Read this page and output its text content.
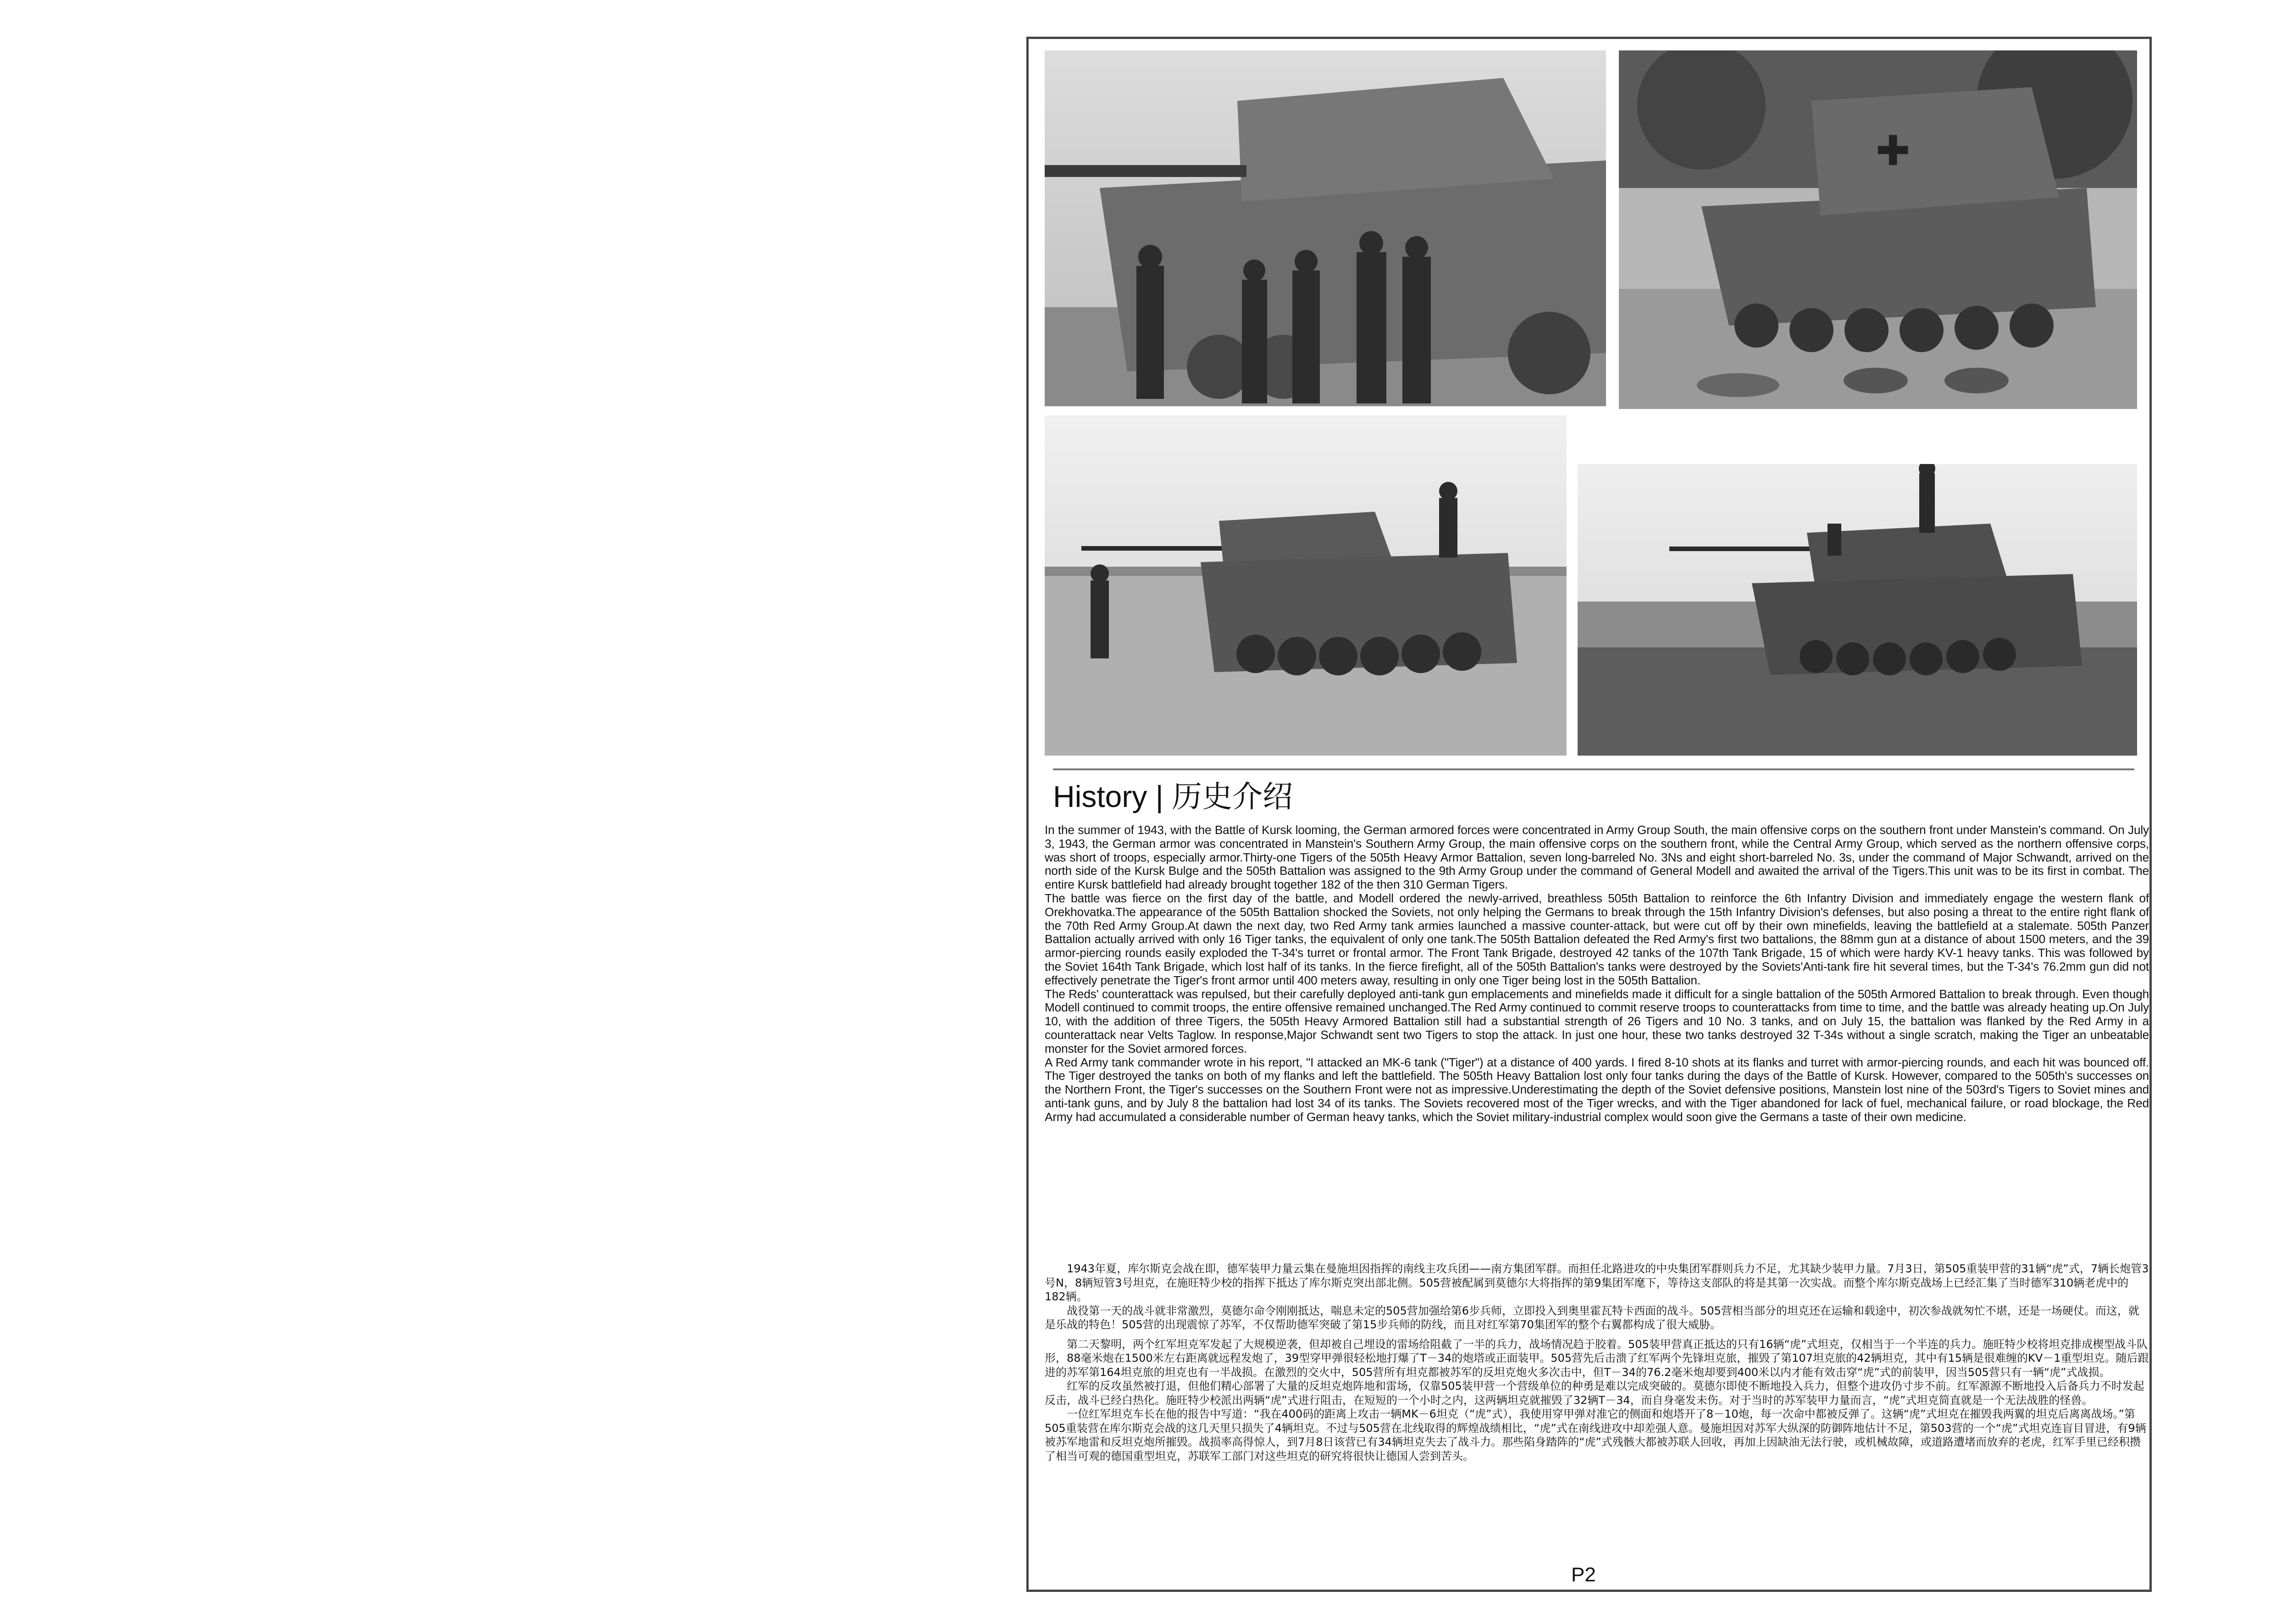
✚
History | 历史介绍

In the summer of 1943, with the Battle of Kursk looming, the German armored forces were concentrated in Army Group South, the main offensive corps on the southern front under Manstein's command. On July 3, 1943, the German armor was concentrated in Manstein's Southern Army Group, the main offensive corps on the southern front, while the Central Army Group, which served as the northern offensive corps, was short of troops, especially armor.Thirty-one Tigers of the 505th Heavy Armor Battalion, seven long-barreled No. 3Ns and eight short-barreled No. 3s, under the command of Major Schwandt, arrived on the north side of the Kursk Bulge and the 505th Battalion was assigned to the 9th Army Group under the command of General Modell and awaited the arrival of the Tigers.This unit was to be its first in combat. The entire Kursk battlefield had already brought together 182 of the then 310 German Tigers.

The battle was fierce on the first day of the battle, and Modell ordered the newly-arrived, breathless 505th Battalion to reinforce the 6th Infantry Division and immediately engage the western flank of Orekhovatka.The appearance of the 505th Battalion shocked the Soviets, not only helping the Germans to break through the 15th Infantry Division's defenses, but also posing a threat to the entire right flank of the 70th Red Army Group.At dawn the next day, two Red Army tank armies launched a massive counter-attack, but were cut off by their own minefields, leaving the battlefield at a stalemate. 505th Panzer Battalion actually arrived with only 16 Tiger tanks, the equivalent of only one tank.The 505th Battalion defeated the Red Army's first two battalions, the 88mm gun at a distance of about 1500 meters, and the 39 armor-piercing rounds easily exploded the T-34's turret or frontal armor. The Front Tank Brigade, destroyed 42 tanks of the 107th Tank Brigade, 15 of which were hardy KV-1 heavy tanks. This was followed by the Soviet 164th Tank Brigade, which lost half of its tanks. In the fierce firefight, all of the 505th Battalion's tanks were destroyed by the Soviets'Anti-tank fire hit several times, but the T-34's 76.2mm gun did not effectively penetrate the Tiger's front armor until 400 meters away, resulting in only one Tiger being lost in the 505th Battalion.

The Reds' counterattack was repulsed, but their carefully deployed anti-tank gun emplacements and minefields made it difficult for a single battalion of the 505th Armored Battalion to break through. Even though Modell continued to commit troops, the entire offensive remained unchanged.The Red Army continued to commit reserve troops to counterattacks from time to time, and the battle was already heating up.On July 10, with the addition of three Tigers, the 505th Heavy Armored Battalion still had a substantial strength of 26 Tigers and 10 No. 3 tanks, and on July 15, the battalion was flanked by the Red Army in a counterattack near Velts Taglow. In response,Major Schwandt sent two Tigers to stop the attack. In just one hour, these two tanks destroyed 32 T-34s without a single scratch, making the Tiger an unbeatable monster for the Soviet armored forces.

A Red Army tank commander wrote in his report, "I attacked an MK-6 tank ("Tiger") at a distance of 400 yards. I fired 8-10 shots at its flanks and turret with armor-piercing rounds, and each hit was bounced off. The Tiger destroyed the tanks on both of my flanks and left the battlefield. The 505th Heavy Battalion lost only four tanks during the days of the Battle of Kursk. However, compared to the 505th's successes on the Northern Front, the Tiger's successes on the Southern Front were not as impressive.Underestimating the depth of the Soviet defensive positions, Manstein lost nine of the 503rd's Tigers to Soviet mines and anti-tank guns, and by July 8 the battalion had lost 34 of its tanks. The Soviets recovered most of the Tiger wrecks, and with the Tiger abandoned for lack of fuel, mechanical failure, or road blockage, the Red Army had accumulated a considerable number of German heavy tanks, which the Soviet military-industrial complex would soon give the Germans a taste of their own medicine.

　　1943年夏，库尔斯克会战在即，德军装甲力量云集在曼施坦因指挥的南线主攻兵团——南方集团军群。而担任北路进攻的中央集团军群则兵力不足，尤其缺少装甲力量。7月3日，第505重装甲营的31辆“虎”式，7辆长炮管3号N，8辆短管3号坦克，在施旺特少校的指挥下抵达了库尔斯克突出部北侧。505营被配属到莫德尔大将指挥的第9集团军麾下，等待这支部队的将是其第一次实战。而整个库尔斯克战场上已经汇集了当时德军310辆老虎中的182辆。

　　战役第一天的战斗就非常激烈，莫德尔命令刚刚抵达，喘息未定的505营加强给第6步兵师，立即投入到奥里霍瓦特卡西面的战斗。505营相当部分的坦克还在运输和载途中，初次参战就匆忙不堪，还是一场硬仗。而这，就是乐战的特色！505营的出现震惊了苏军，不仅帮助德军突破了第15步兵师的防线，而且对红军第70集团军的整个右翼都构成了很大威胁。

　　第二天黎明，两个红军坦克军发起了大规模逆袭，但却被自己埋设的雷场给阻截了一半的兵力，战场情况趋于胶着。505装甲营真正抵达的只有16辆“虎”式坦克，仅相当于一个半连的兵力。施旺特少校将坦克排成楔型战斗队形，88毫米炮在1500米左右距离就远程发炮了，39型穿甲弹很轻松地打爆了T－34的炮塔或正面装甲。505营先后击溃了红军两个先锋坦克旅，摧毁了第107坦克旅的42辆坦克，其中有15辆是很难缠的KV－1重型坦克。随后跟进的苏军第164坦克旅的坦克也有一半战损。在激烈的交火中，505营所有坦克都被苏军的反坦克炮火多次击中，但T－34的76.2毫米炮却要到400米以内才能有效击穿“虎”式的前装甲，因当505营只有一辆“虎”式战损。

　　红军的反攻虽然被打退，但他们精心部署了大量的反坦克炮阵地和雷场，仅靠505装甲营一个营级单位的种勇是难以完成突破的。莫德尔即使不断地投入兵力，但整个进攻仍寸步不前。红军源源不断地投入后备兵力不时发起反击，战斗已经白热化。施旺特少校派出两辆“虎”式进行阻击，在短短的一个小时之内，这两辆坦克就摧毁了32辆T－34，而自身毫发未伤。对于当时的苏军装甲力量而言，“虎”式坦克简直就是一个无法战胜的怪兽。

　　一位红军坦克车长在他的报告中写道：“我在400码的距离上攻击一辆MK－6坦克（“虎”式），我使用穿甲弹对准它的侧面和炮塔开了8－10炮，每一次命中都被反弹了。这辆“虎”式坦克在摧毁我两翼的坦克后离离战场。”第505重装营在库尔斯克会战的这几天里只损失了4辆坦克。不过与505营在北线取得的辉煌战绩相比，“虎”式在南线进攻中却差强人意。曼施坦因对苏军大纵深的防御阵地估计不足，第503营的一个“虎”式坦克连盲目冒进，有9辆被苏军地雷和反坦克炮所摧毁。战损率高得惊人，到7月8日该营已有34辆坦克失去了战斗力。那些陷身踏阵的“虎”式残骸大都被苏联人回收，再加上因缺油无法行驶，或机械故障，或道路遭堵而放弃的老虎，红军手里已经积攒了相当可观的德国重型坦克，苏联军工部门对这些坦克的研究将很快让德国人尝到苦头。

P2
